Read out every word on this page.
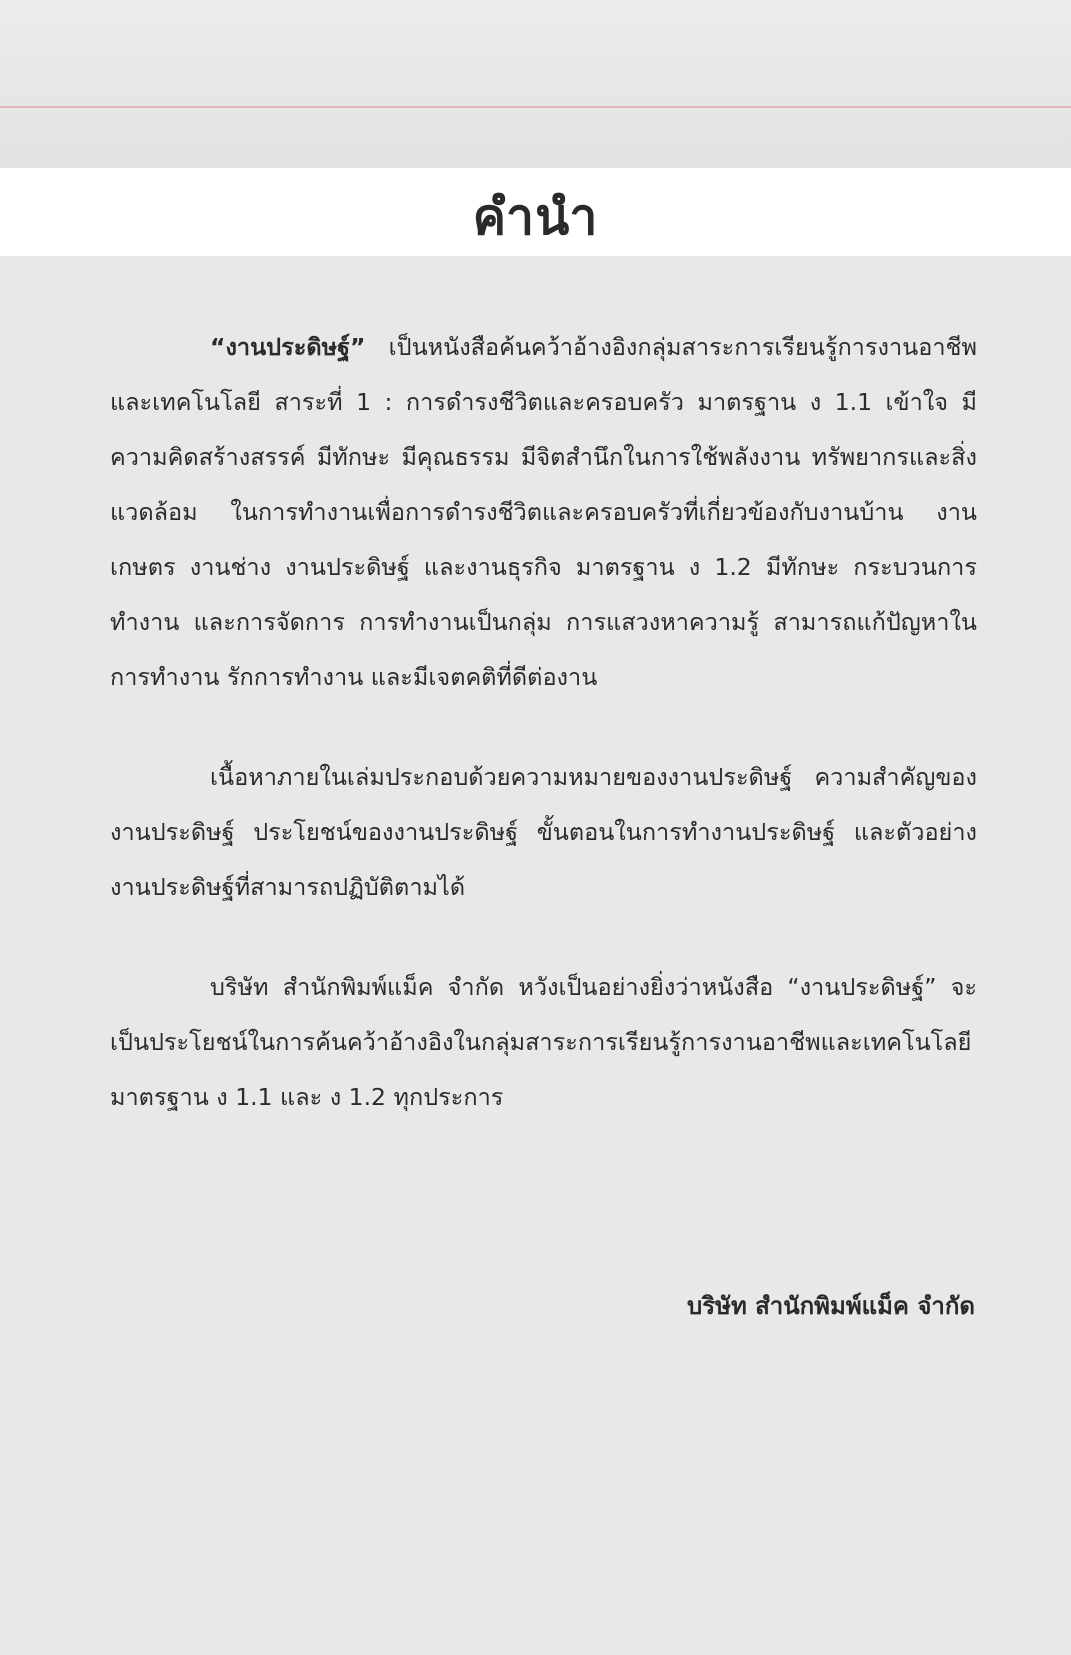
คำนำ

“งานประดิษฐ์” เป็นหนังสือค้นคว้าอ้างอิงกลุ่มสาระการเรียนรู้การงานอาชีพและเทคโนโลยี สาระที่ 1 : การดำรงชีวิตและครอบครัว มาตรฐาน ง 1.1 เข้าใจ มีความคิดสร้างสรรค์ มีทักษะ มีคุณธรรม มีจิตสำนึกในการใช้พลังงาน ทรัพยากรและสิ่งแวดล้อม ในการทำงานเพื่อการดำรงชีวิตและครอบครัวที่เกี่ยวข้องกับงานบ้าน งานเกษตร งานช่าง งานประดิษฐ์ และงานธุรกิจ มาตรฐาน ง 1.2 มีทักษะ กระบวนการทำงาน และการจัดการ การทำงานเป็นกลุ่ม การแสวงหาความรู้ สามารถแก้ปัญหาในการทำงาน รักการทำงาน และมีเจตคติที่ดีต่องาน

เนื้อหาภายในเล่มประกอบด้วยความหมายของงานประดิษฐ์ ความสำคัญของงานประดิษฐ์ ประโยชน์ของงานประดิษฐ์ ขั้นตอนในการทำงานประดิษฐ์ และตัวอย่างงานประดิษฐ์ที่สามารถปฏิบัติตามได้

บริษัท สำนักพิมพ์แม็ค จำกัด หวังเป็นอย่างยิ่งว่าหนังสือ “งานประดิษฐ์” จะเป็นประโยชน์ในการค้นคว้าอ้างอิงในกลุ่มสาระการเรียนรู้การงานอาชีพและเทคโนโลยี มาตรฐาน ง 1.1 และ ง 1.2 ทุกประการ

บริษัท สำนักพิมพ์แม็ค จำกัด
